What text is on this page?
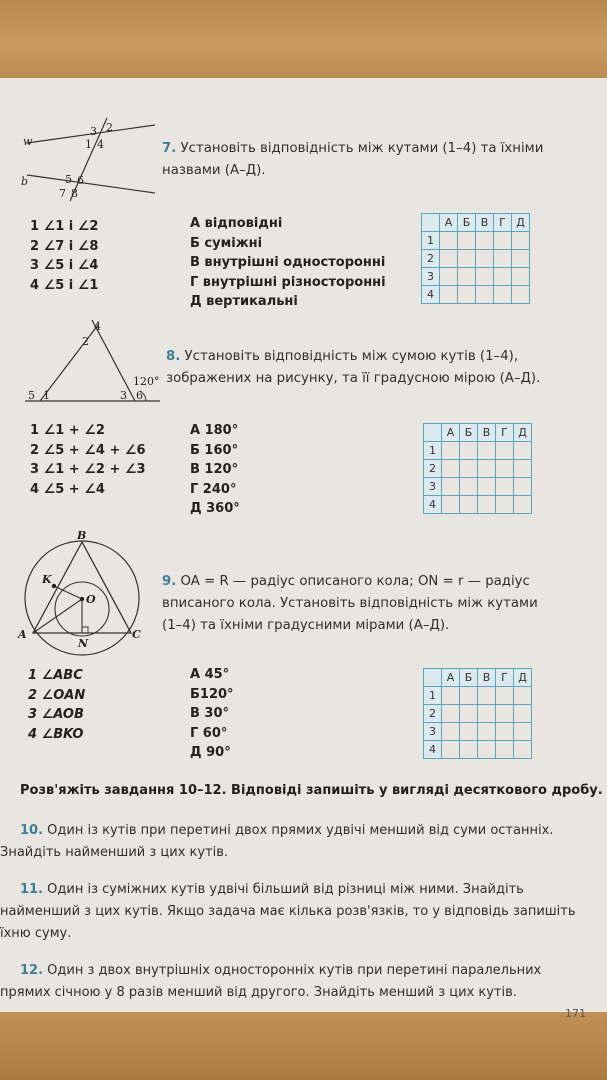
w
b
3 2
1 4
5 6
7 8
7. Установіть відповідність між кутами (1–4) та їхніми назвами (А–Д).
1 ∠1 і ∠2
2 ∠7 і ∠8
3 ∠5 і ∠4
4 ∠5 і ∠1
А відповідні
Б суміжні
В внутрішні односторонні
Г внутрішні різносторонні
Д вертикальні
	А	Б	В	Г	Д
1					
2					
3					
4					
4
2
120°
5 1	3 6
8. Установіть відповідність між сумою кутів (1–4), зображених на рисунку, та її градусною мірою (А–Д).
1 ∠1 + ∠2
2 ∠5 + ∠4 + ∠6
3 ∠1 + ∠2 + ∠3
4 ∠5 + ∠4
А 180°
Б 160°
В 120°
Г 240°
Д 360°
	А	Б	В	Г	Д
1					
2					
3					
4					
B
K
O
A
N
C
9. OA = R — радіус описаного кола; ON = r — радіус вписаного кола. Установіть відповідність між кутами (1–4) та їхніми градусними мірами (А–Д).
1 ∠ABC
2 ∠OAN
3 ∠AOB
4 ∠BKO
А 45°
Б120°
В 30°
Г 60°
Д 90°
	А	Б	В	Г	Д
1					
2					
3					
4					
Розв'яжіть завдання 10–12. Відповіді запишіть у вигляді десяткового дробу.
10. Один із кутів при перетині двох прямих удвічі менший від суми останніх. Знайдіть найменший з цих кутів.
11. Один із суміжних кутів удвічі більший від різниці між ними. Знайдіть найменший з цих кутів. Якщо задача має кілька розв'язків, то у відповідь запишіть їхню суму.
12. Один з двох внутрішніх односторонніх кутів при перетині паралельних прямих січною у 8 разів менший від другого. Знайдіть менший з цих кутів.
171
